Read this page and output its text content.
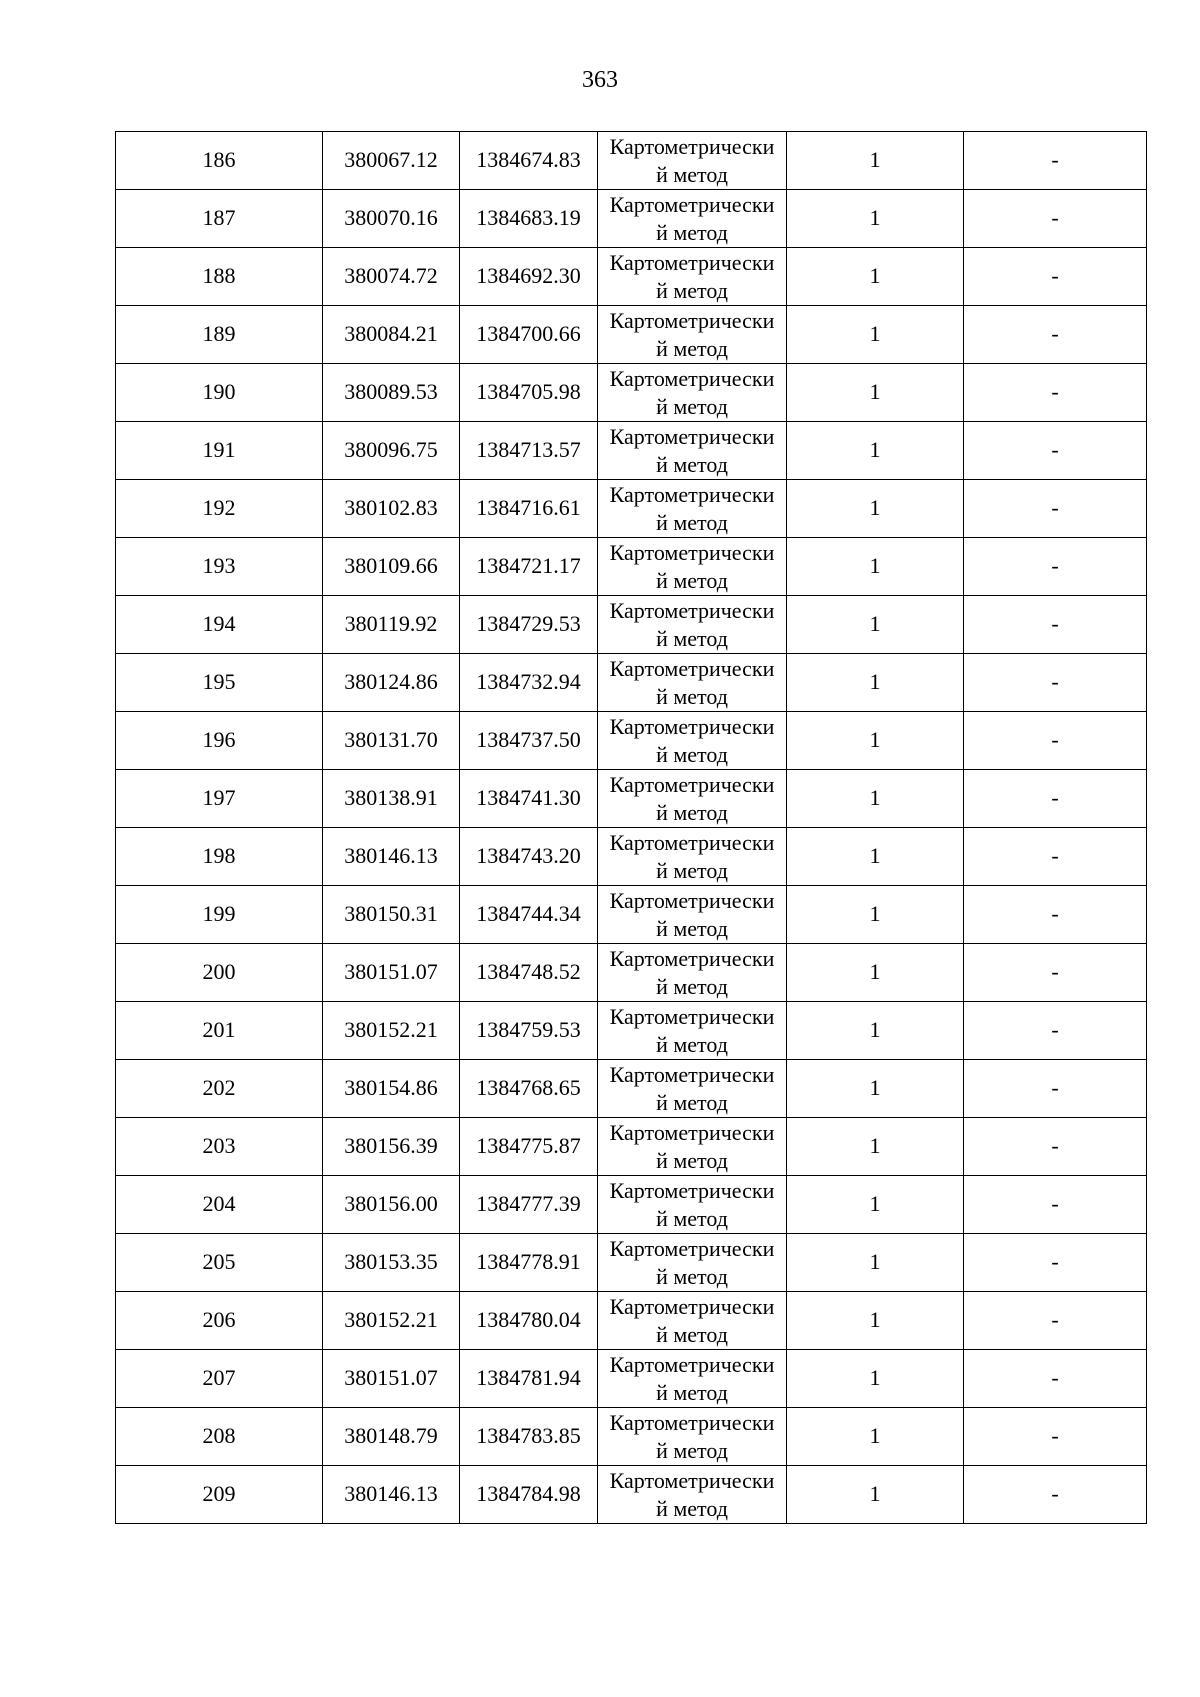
363
186	380067.12	1384674.83	Картометрически
й метод	1	-
187	380070.16	1384683.19	Картометрически
й метод	1	-
188	380074.72	1384692.30	Картометрически
й метод	1	-
189	380084.21	1384700.66	Картометрически
й метод	1	-
190	380089.53	1384705.98	Картометрически
й метод	1	-
191	380096.75	1384713.57	Картометрически
й метод	1	-
192	380102.83	1384716.61	Картометрически
й метод	1	-
193	380109.66	1384721.17	Картометрически
й метод	1	-
194	380119.92	1384729.53	Картометрически
й метод	1	-
195	380124.86	1384732.94	Картометрически
й метод	1	-
196	380131.70	1384737.50	Картометрически
й метод	1	-
197	380138.91	1384741.30	Картометрически
й метод	1	-
198	380146.13	1384743.20	Картометрически
й метод	1	-
199	380150.31	1384744.34	Картометрически
й метод	1	-
200	380151.07	1384748.52	Картометрически
й метод	1	-
201	380152.21	1384759.53	Картометрически
й метод	1	-
202	380154.86	1384768.65	Картометрически
й метод	1	-
203	380156.39	1384775.87	Картометрически
й метод	1	-
204	380156.00	1384777.39	Картометрически
й метод	1	-
205	380153.35	1384778.91	Картометрически
й метод	1	-
206	380152.21	1384780.04	Картометрически
й метод	1	-
207	380151.07	1384781.94	Картометрически
й метод	1	-
208	380148.79	1384783.85	Картометрически
й метод	1	-
209	380146.13	1384784.98	Картометрически
й метод	1	-
